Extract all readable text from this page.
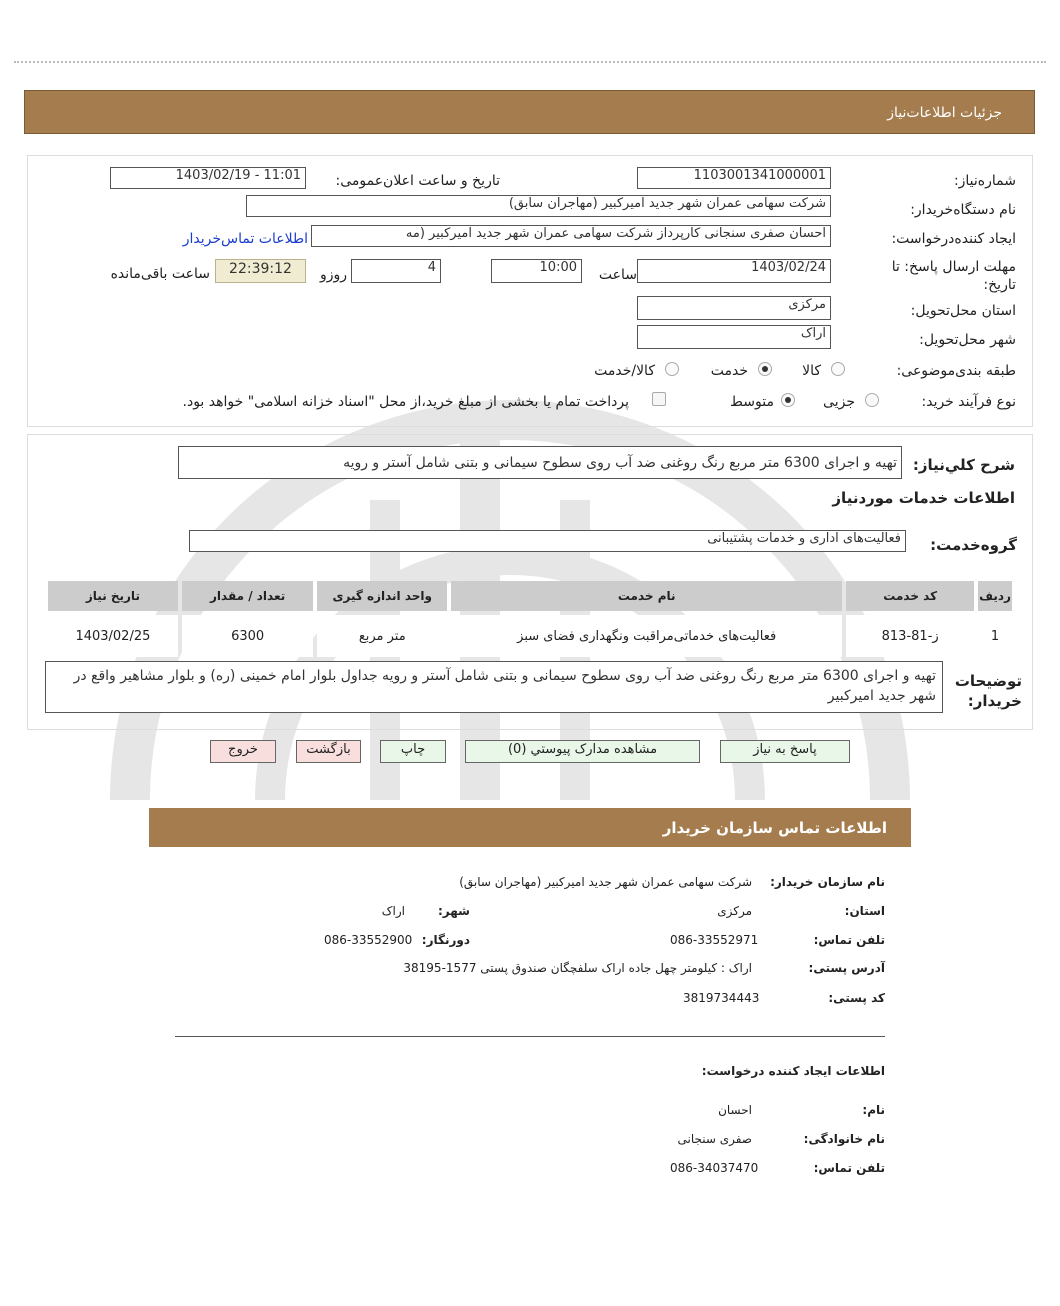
جزئیات اطلاعات‌نیاز
شماره‌نیاز:
1103001341000001
تاریخ و ساعت اعلان‌عمومی:
1403/02/19 - 11:01
نام دستگاه‌خریدار:
شرکت سهامی عمران شهر جدید امیرکبیر (مهاجران سابق)
ایجاد کننده‌درخواست:
احسان صفری سنجانی کارپرداز شرکت سهامی عمران شهر جدید امیرکبیر (مه
اطلاعات تماس‌خریدار
مهلت ارسال پاسخ: تا تاریخ:
1403/02/24
ساعت
10:00
4
روزو
22:39:12
ساعت باقی‌مانده
استان محل‌تحویل:
مرکزی
شهر محل‌تحویل:
اراک
طبقه بندی‌موضوعی:
کالا
خدمت
کالا/خدمت
نوع فرآیند خرید:
جزیی
متوسط
پرداخت تمام یا بخشی از مبلغ خرید،از محل "اسناد خزانه اسلامی" خواهد بود.
شرح کلي‌نیاز:
تهیه و اجرای 6300 متر مربع رنگ روغنی ضد آب روی سطوح سیمانی و بتنی شامل آستر و رویه
اطلاعات خدمات موردنیاز
گروه‌خدمت:
فعالیت‌های اداری و خدمات پشتیبانی
ردیف	کد خدمت	نام خدمت	واحد اندازه گیری	تعداد / مقدار	تاریخ نیاز
1	ز-81-813	فعالیت‌های خدماتی‌مراقبت ونگهداری فضای سبز	متر مربع	6300	1403/02/25
توضیحات خریدار:
تهیه و اجرای 6300 متر مربع رنگ روغنی ضد آب روی سطوح سیمانی و بتنی شامل آستر و رویه جداول بلوار امام خمینی (ره) و بلوار مشاهیر واقع در شهر جدید امیرکبیر
پاسخ به نیاز
مشاهده مدارک پیوستي (0)
چاپ
بازگشت
خروج
اطلاعات تماس سازمان خریدار
نام سازمان خریدار:
شرکت سهامی عمران شهر جدید امیرکبیر (مهاجران سابق)
استان:
مرکزی
شهر:
اراک
تلفن تماس:
086-33552971
دورنگار:
086-33552900
آدرس پستی:
اراک : کیلومتر چهل جاده اراک سلفچگان صندوق پستی 1577-38195
کد پستی:
3819734443
اطلاعات ایجاد کننده درخواست:
نام:
احسان
نام خانوادگی:
صفری سنجانی
تلفن تماس:
086-34037470
